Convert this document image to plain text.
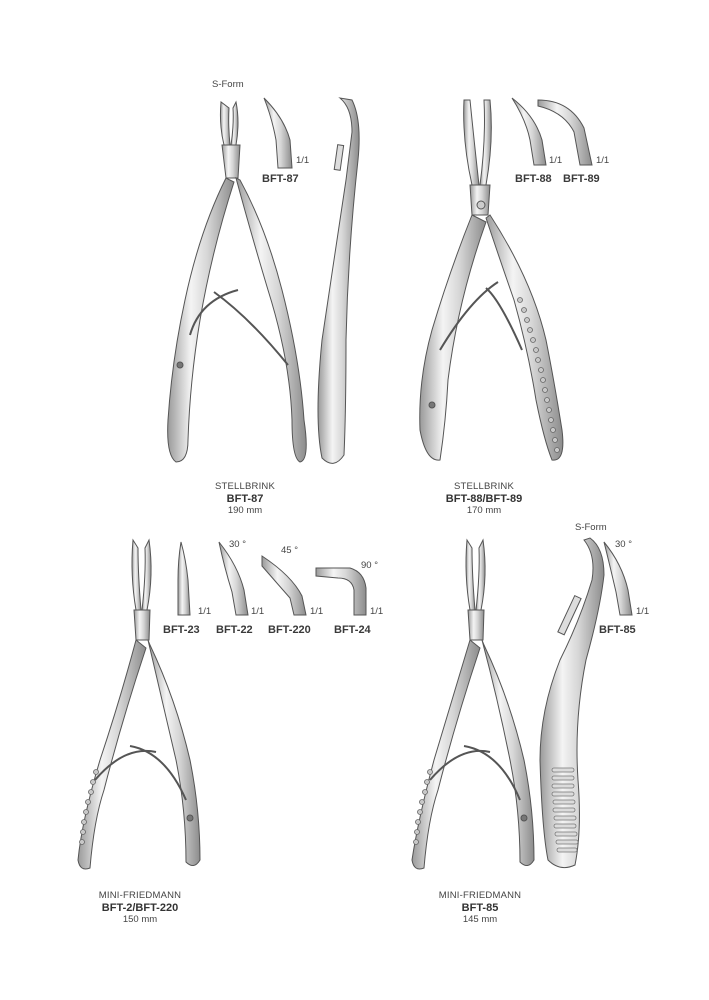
S-Form
1/1
BFT-87
STELLBRINK
BFT-87
190 mm
1/1
BFT-88
1/1
BFT-89
STELLBRINK
BFT-88/BFT-89
170 mm
1/1
BFT-23
30 °
1/1
BFT-22
45 °
1/1
BFT-220
90 °
1/1
BFT-24
MINI-FRIEDMANN
BFT-2/BFT-220
150 mm
S-Form
30 °
1/1
BFT-85
MINI-FRIEDMANN
BFT-85
145 mm
